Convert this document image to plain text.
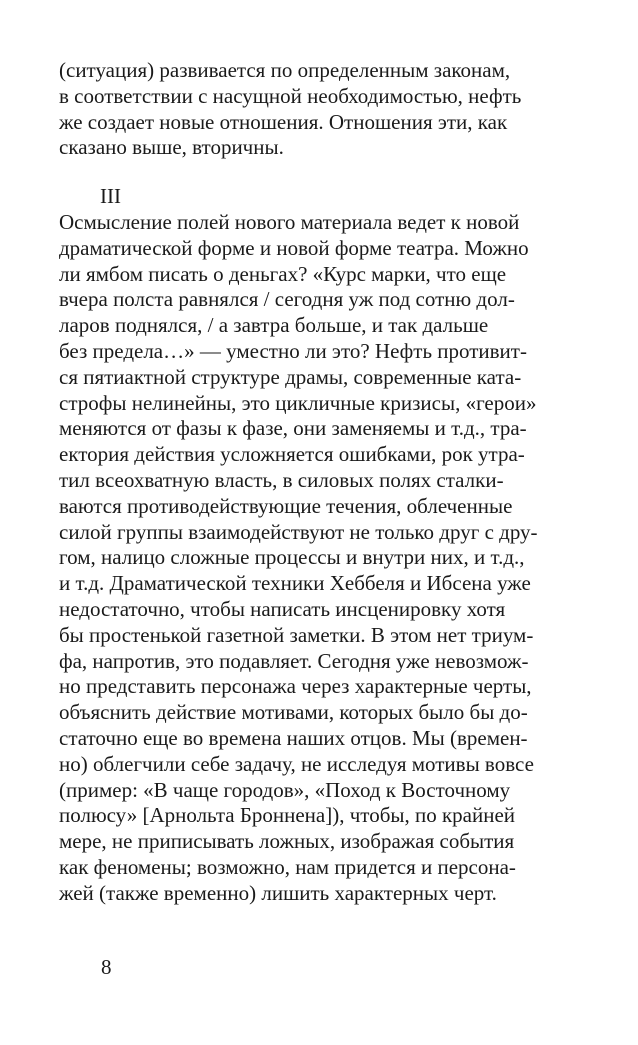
(ситуация) развивается по определенным законам,
в соответствии с насущной необходимостью, нефть
же создает новые отношения. Отношения эти, как
сказано выше, вторичны.
III
Осмысление полей нового материала ведет к новой
драматической форме и новой форме театра. Можно
ли ямбом писать о деньгах? «Курс марки, что еще
вчера полста равнялся / сегодня уж под сотню дол-
ларов поднялся, / а завтра больше, и так дальше
без предела…» — уместно ли это? Нефть противит-
ся пятиактной структуре драмы, современные ката-
строфы нелинейны, это цикличные кризисы, «герои»
меняются от фазы к фазе, они заменяемы и т.д., тра-
ектория действия усложняется ошибками, рок утра-
тил всеохватную власть, в силовых полях сталки-
ваются противодействующие течения, облеченные
силой группы взаимодействуют не только друг с дру-
гом, налицо сложные процессы и внутри них, и т.д.,
и т.д. Драматической техники Хеббеля и Ибсена уже
недостаточно, чтобы написать инсценировку хотя
бы простенькой газетной заметки. В этом нет триум-
фа, напротив, это подавляет. Сегодня уже невозмож-
но представить персонажа через характерные черты,
объяснить действие мотивами, которых было бы до-
статочно еще во времена наших отцов. Мы (времен-
но) облегчили себе задачу, не исследуя мотивы вовсе
(пример: «В чаще городов», «Поход к Восточному
полюсу» [Арнольта Броннена]), чтобы, по крайней
мере, не приписывать ложных, изображая события
как феномены; возможно, нам придется и персона-
жей (также временно) лишить характерных черт.
8
